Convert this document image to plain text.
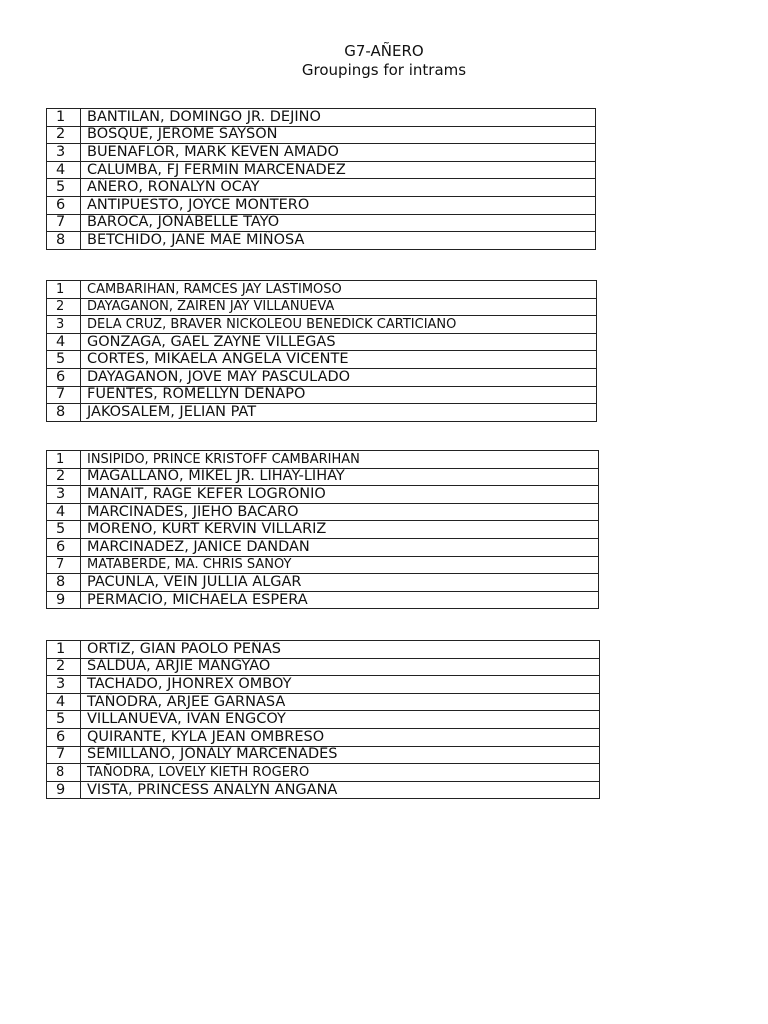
G7-AÑERO
Groupings for intrams
1	BANTILAN, DOMINGO JR. DEJINO
2	BOSQUE, JEROME SAYSON
3	BUENAFLOR, MARK KEVEN AMADO
4	CALUMBA, FJ FERMIN MARCENADEZ
5	AÑERO, RONALYN OCAY
6	ANTIPUESTO, JOYCE MONTERO
7	BAROCA, JONABELLE TAYO
8	BETCHIDO, JANE MAE MIÑOSA
1	CAMBARIHAN, RAMCES JAY LASTIMOSO
2	DAYAGANON, ZAIREN JAY VILLANUEVA
3	DELA CRUZ, BRAVER NICKOLEOU BENEDICK CARTICIANO
4	GONZAGA, GAEL ZAYNE VILLEGAS
5	CORTES, MIKAELA ANGELA VICENTE
6	DAYAGANON, JOVE MAY PASCULADO
7	FUENTES, ROMELLYN DENAPO
8	JAKOSALEM, JELIAN PAT
1	INSIPIDO, PRINCE KRISTOFF CAMBARIHAN
2	MAGALLANO, MIKEL JR. LIHAY-LIHAY
3	MANAIT, RAGE KEFER LOGRONIO
4	MARCINADES, JIEHO BACARO
5	MORENO, KURT KERVIN VILLARIZ
6	MARCINADEZ, JANICE DANDAN
7	MATABERDE, MA. CHRIS SANOY
8	PACUNLA, VEIN JULLIA ALGAR
9	PERMACIO, MICHAELA ESPERA
1	ORTIZ, GIAN PAOLO PEÑAS
2	SALDUA, ARJIE MANGYAO
3	TACHADO, JHONREX OMBOY
4	TAÑODRA, ARJEE GARNASA
5	VILLANUEVA, IVAN ENGCOY
6	QUIRANTE, KYLA JEAN OMBRESO
7	SEMILLANO, JONALY MARCENADES
8	TAÑODRA, LOVELY KIETH ROGERO
9	VISTA, PRINCESS ANALYN ANGANA
